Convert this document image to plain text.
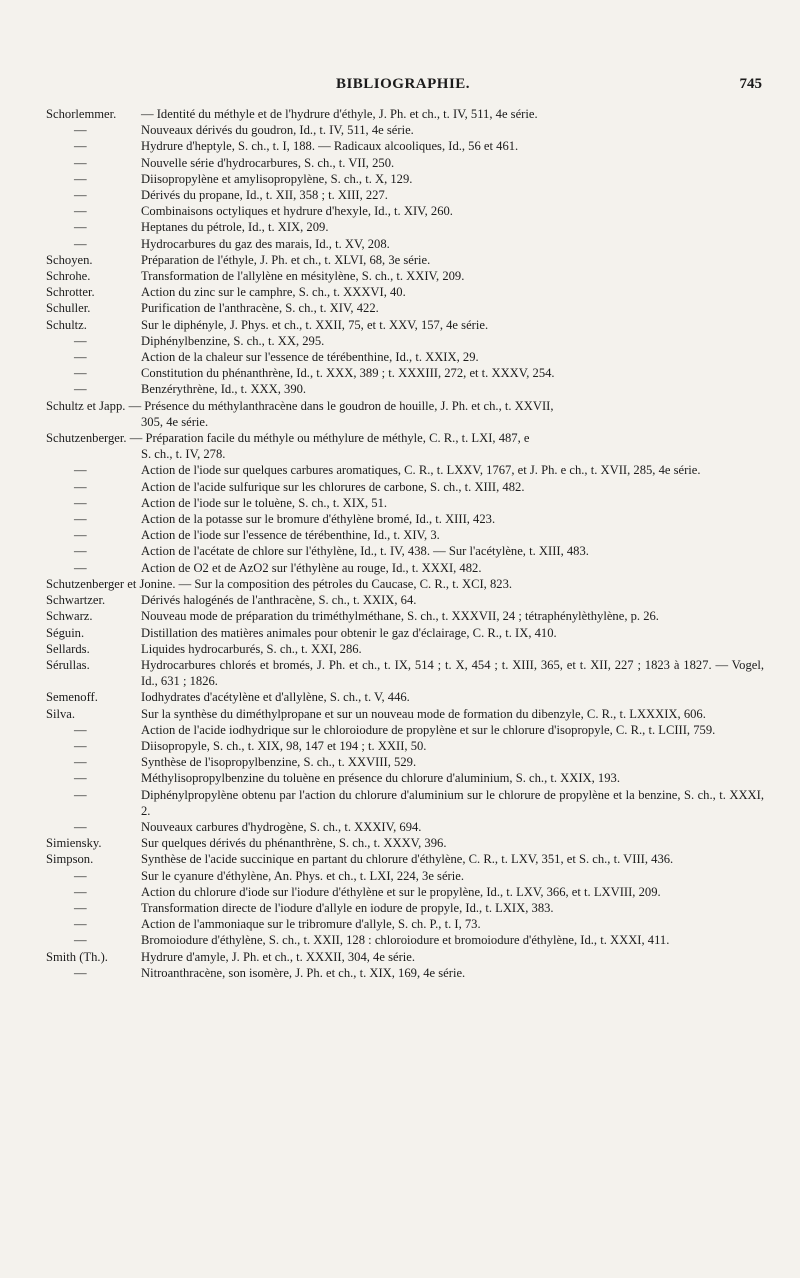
BIBLIOGRAPHIE.	745
Schorlemmer.	— Identité du méthyle et de l'hydrure d'éthyle, J. Ph. et ch., t. IV, 511, 4e série.
—	Nouveaux dérivés du goudron, Id., t. IV, 511, 4e série.
—	Hydrure d'heptyle, S. ch., t. I, 188. — Radicaux alcooliques, Id., 56 et 461.
—	Nouvelle série d'hydrocarbures, S. ch., t. VII, 250.
—	Diisopropylène et amylisopropylène, S. ch., t. X, 129.
—	Dérivés du propane, Id., t. XII, 358 ; t. XIII, 227.
—	Combinaisons octyliques et hydrure d'hexyle, Id., t. XIV, 260.
—	Heptanes du pétrole, Id., t. XIX, 209.
—	Hydrocarbures du gaz des marais, Id., t. XV, 208.
Schoyen.	Préparation de l'éthyle, J. Ph. et ch., t. XLVI, 68, 3e série.
Schrohe.	Transformation de l'allylène en mésitylène, S. ch., t. XXIV, 209.
Schrotter.	Action du zinc sur le camphre, S. ch., t. XXXVI, 40.
Schuller.	Purification de l'anthracène, S. ch., t. XIV, 422.
Schultz.	Sur le diphényle, J. Phys. et ch., t. XXII, 75, et t. XXV, 157, 4e série.
—	Diphénylbenzine, S. ch., t. XX, 295.
—	Action de la chaleur sur l'essence de térébenthine, Id., t. XXIX, 29.
—	Constitution du phénanthrène, Id., t. XXX, 389 ; t. XXXIII, 272, et t. XXXV, 254.
—	Benzérythrène, Id., t. XXX, 390.
Schultz et Japp. — Présence du méthylanthracène dans le goudron de houille, J. Ph. et ch., t. XXVII,
305, 4e série.
Schutzenberger. — Préparation facile du méthyle ou méthylure de méthyle, C. R., t. LXI, 487, e
S. ch., t. IV, 278.
—	Action de l'iode sur quelques carbures aromatiques, C. R., t. LXXV, 1767, et J. Ph. e ch., t. XVII, 285, 4e série.
—	Action de l'acide sulfurique sur les chlorures de carbone, S. ch., t. XIII, 482.
—	Action de l'iode sur le toluène, S. ch., t. XIX, 51.
—	Action de la potasse sur le bromure d'éthylène bromé, Id., t. XIII, 423.
—	Action de l'iode sur l'essence de térébenthine, Id., t. XIV, 3.
—	Action de l'acétate de chlore sur l'éthylène, Id., t. IV, 438. — Sur l'acétylène, t. XIII, 483.
—	Action de O2 et de AzO2 sur l'éthylène au rouge, Id., t. XXXI, 482.
Schutzenberger et Jonine. — Sur la composition des pétroles du Caucase, C. R., t. XCI, 823.
Schwartzer.	Dérivés halogénés de l'anthracène, S. ch., t. XXIX, 64.
Schwarz.	Nouveau mode de préparation du triméthylméthane, S. ch., t. XXXVII, 24 ; tétraphénylèthylène, p. 26.
Séguin.	Distillation des matières animales pour obtenir le gaz d'éclairage, C. R., t. IX, 410.
Sellards.	Liquides hydrocarburés, S. ch., t. XXI, 286.
Sérullas.	Hydrocarbures chlorés et bromés, J. Ph. et ch., t. IX, 514 ; t. X, 454 ; t. XIII, 365, et t. XII, 227 ; 1823 à 1827. — Vogel, Id., 631 ; 1826.
Semenoff.	Iodhydrates d'acétylène et d'allylène, S. ch., t. V, 446.
Silva.	Sur la synthèse du diméthylpropane et sur un nouveau mode de formation du dibenzyle, C. R., t. LXXXIX, 606.
—	Action de l'acide iodhydrique sur le chloroiodure de propylène et sur le chlorure d'isopropyle, C. R., t. LCIII, 759.
—	Diisopropyle, S. ch., t. XIX, 98, 147 et 194 ; t. XXII, 50.
—	Synthèse de l'isopropylbenzine, S. ch., t. XXVIII, 529.
—	Méthylisopropylbenzine du toluène en présence du chlorure d'aluminium, S. ch., t. XXIX, 193.
—	Diphénylpropylène obtenu par l'action du chlorure d'aluminium sur le chlorure de propylène et la benzine, S. ch., t. XXXI, 2.
—	Nouveaux carbures d'hydrogène, S. ch., t. XXXIV, 694.
Simiensky.	Sur quelques dérivés du phénanthrène, S. ch., t. XXXV, 396.
Simpson.	Synthèse de l'acide succinique en partant du chlorure d'éthylène, C. R., t. LXV, 351, et S. ch., t. VIII, 436.
—	Sur le cyanure d'éthylène, An. Phys. et ch., t. LXI, 224, 3e série.
—	Action du chlorure d'iode sur l'iodure d'éthylène et sur le propylène, Id., t. LXV, 366, et t. LXVIII, 209.
—	Transformation directe de l'iodure d'allyle en iodure de propyle, Id., t. LXIX, 383.
—	Action de l'ammoniaque sur le tribromure d'allyle, S. ch. P., t. I, 73.
—	Bromoiodure d'éthylène, S. ch., t. XXII, 128 : chloroiodure et bromoiodure d'éthylène, Id., t. XXXI, 411.
Smith (Th.).	Hydrure d'amyle, J. Ph. et ch., t. XXXII, 304, 4e série.
—	Nitroanthracène, son isomère, J. Ph. et ch., t. XIX, 169, 4e série.
